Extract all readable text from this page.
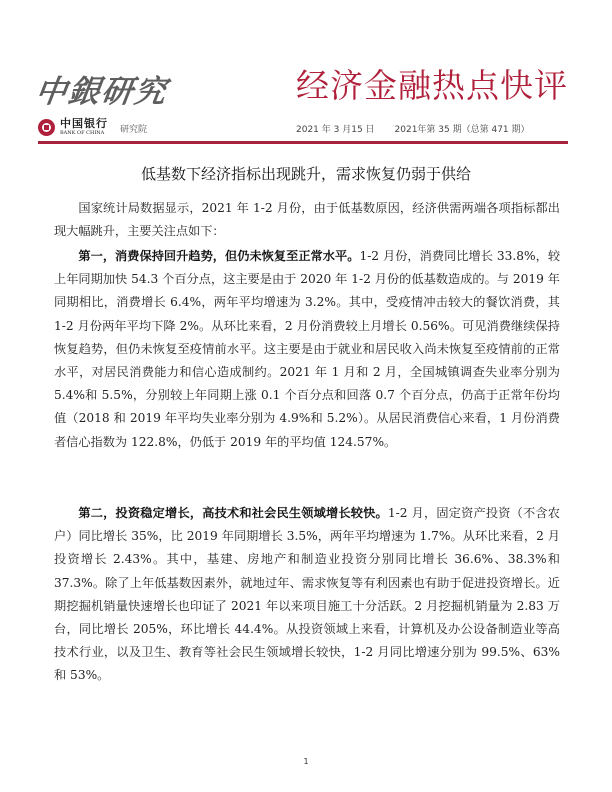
中銀研究	经济金融热点快评
中国银行
BANK OF CHINA	研究院	2021 年 3 月15 日 2021年第 35 期（总第 471 期）
低基数下经济指标出现跳升，需求恢复仍弱于供给

国家统计局数据显示，2021 年 1-2 月份，由于低基数原因，经济供需两端各项指标都出现大幅跳升，主要关注点如下：

第一，消费保持回升趋势，但仍未恢复至正常水平。1-2 月份，消费同比增长 33.8%，较上年同期加快 54.3 个百分点，这主要是由于 2020 年 1-2 月份的低基数造成的。与 2019 年同期相比，消费增长 6.4%，两年平均增速为 3.2%。其中，受疫情冲击较大的餐饮消费，其 1-2 月份两年平均下降 2%。从环比来看，2 月份消费较上月增长 0.56%。可见消费继续保持恢复趋势，但仍未恢复至疫情前水平。这主要是由于就业和居民收入尚未恢复至疫情前的正常水平，对居民消费能力和信心造成制约。2021 年 1 月和 2 月，全国城镇调查失业率分别为 5.4%和 5.5%，分别较上年同期上涨 0.1 个百分点和回落 0.7 个百分点，仍高于正常年份均值（2018 和 2019 年平均失业率分别为 4.9%和 5.2%）。从居民消费信心来看，1 月份消费者信心指数为 122.8%，仍低于 2019 年的平均值 124.57%。

第二，投资稳定增长，高技术和社会民生领域增长较快。1-2 月，固定资产投资（不含农户）同比增长 35%，比 2019 年同期增长 3.5%，两年平均增速为 1.7%。从环比来看，2 月投资增长 2.43%。其中，基建、房地产和制造业投资分别同比增长 36.6%、38.3%和 37.3%。除了上年低基数因素外，就地过年、需求恢复等有利因素也有助于促进投资增长。近期挖掘机销量快速增长也印证了 2021 年以来项目施工十分活跃。2 月挖掘机销量为 2.83 万台，同比增长 205%，环比增长 44.4%。从投资领域上来看，计算机及办公设备制造业等高技术行业，以及卫生、教育等社会民生领域增长较快，1-2 月同比增速分别为 99.5%、63%和 53%。

1
